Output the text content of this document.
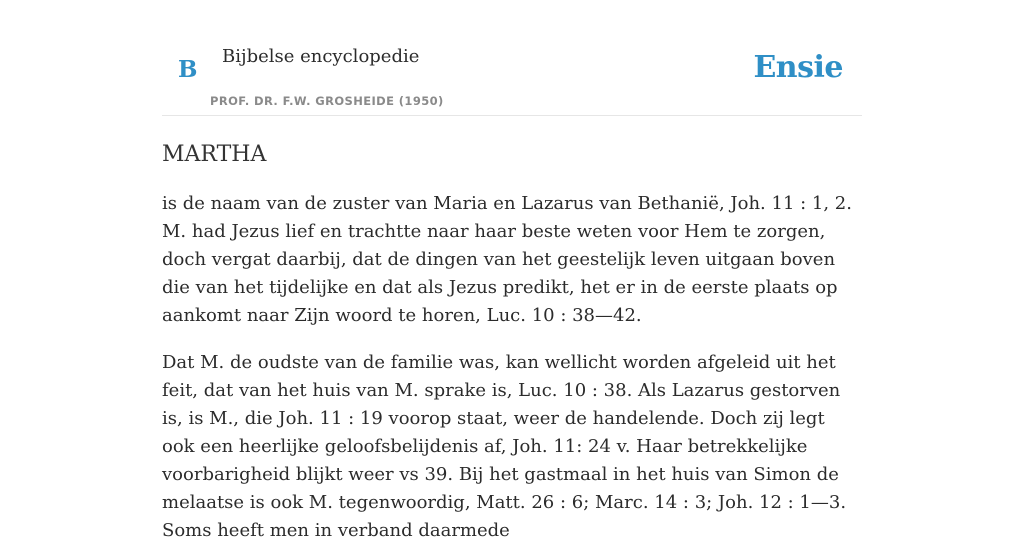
B Bijbelse encyclopedie
PROF. DR. F.W. GROSHEIDE (1950)
Ensie
MARTHA

is de naam van de zuster van Maria en Lazarus van Bethanië, Joh. 11 : 1, 2. M. had Jezus lief en trachtte naar haar beste weten voor Hem te zorgen, doch vergat daarbij, dat de dingen van het geestelijk leven uitgaan boven die van het tijdelijke en dat als Jezus predikt, het er in de eerste plaats op aankomt naar Zijn woord te horen, Luc. 10 : 38—42.

Dat M. de oudste van de familie was, kan wellicht worden afgeleid uit het feit, dat van het huis van M. sprake is, Luc. 10 : 38. Als Lazarus gestorven is, is M., die Joh. 11 : 19 voorop staat, weer de handelende. Doch zij legt ook een heerlijke geloofsbelijdenis af, Joh. 11: 24 v. Haar betrekkelijke voorbarigheid blijkt weer vs 39. Bij het gastmaal in het huis van Simon de melaatse is ook M. tegenwoordig, Matt. 26 : 6; Marc. 14 : 3; Joh. 12 : 1—3. Soms heeft men in verband daarmede
